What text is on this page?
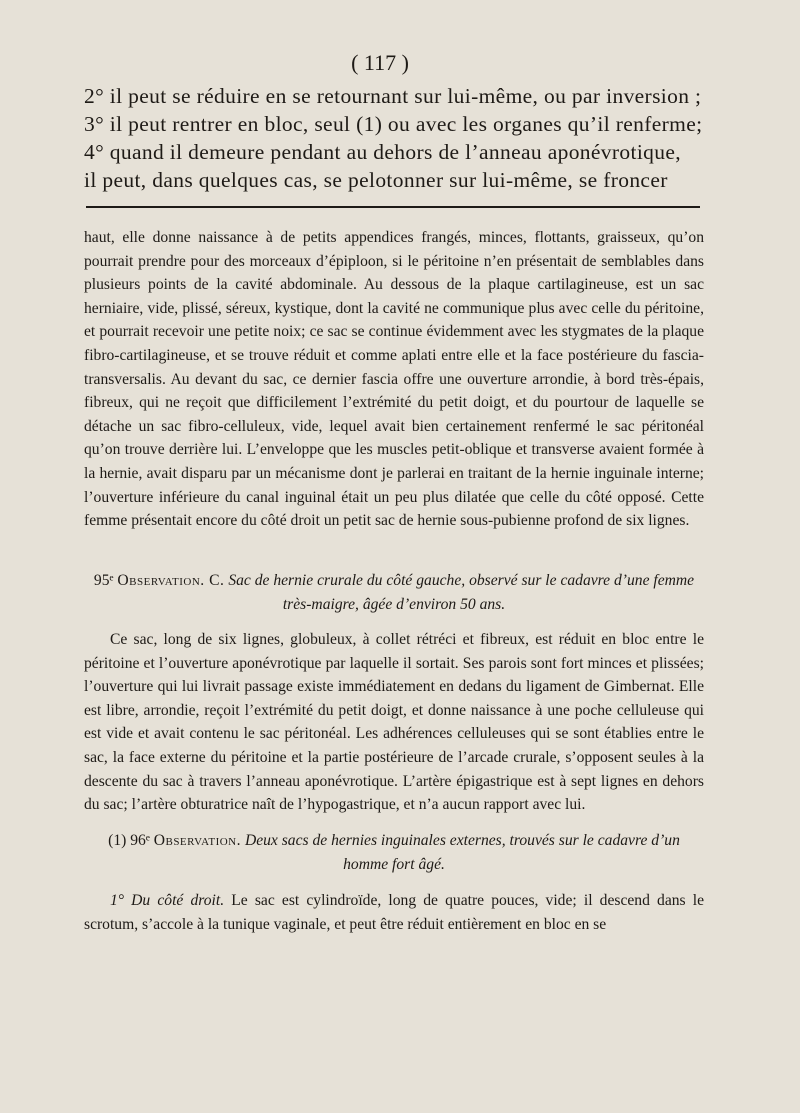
( 117 )

2° il peut se réduire en se retournant sur lui-même, ou par inversion ;

3° il peut rentrer en bloc, seul (1) ou avec les organes qu’il renferme;

4° quand il demeure pendant au dehors de l’anneau aponévrotique,

il peut, dans quelques cas, se pelotonner sur lui-même, se froncer

haut, elle donne naissance à de petits appendices frangés, minces, flottants, graisseux, qu’on pourrait prendre pour des morceaux d’épiploon, si le péritoine n’en présentait de semblables dans plusieurs points de la cavité abdominale. Au dessous de la plaque cartilagineuse, est un sac herniaire, vide, plissé, séreux, kystique, dont la cavité ne communique plus avec celle du péritoine, et pourrait recevoir une petite noix; ce sac se continue évidemment avec les stygmates de la plaque fibro-cartilagineuse, et se trouve réduit et comme aplati entre elle et la face postérieure du fascia-transversalis. Au devant du sac, ce dernier fascia offre une ouverture arrondie, à bord très-épais, fibreux, qui ne reçoit que difficilement l’extrémité du petit doigt, et du pourtour de laquelle se détache un sac fibro-celluleux, vide, lequel avait bien certainement renfermé le sac péritonéal qu’on trouve derrière lui. L’enveloppe que les muscles petit-oblique et transverse avaient formée à la hernie, avait disparu par un mécanisme dont je parlerai en traitant de la hernie inguinale interne; l’ouverture inférieure du canal inguinal était un peu plus dilatée que celle du côté opposé. Cette femme présentait encore du côté droit un petit sac de hernie sous-pubienne profond de six lignes.

95ᵉ Observation. C. Sac de hernie crurale du côté gauche, observé sur le cadavre d’une femme très-maigre, âgée d’environ 50 ans.

Ce sac, long de six lignes, globuleux, à collet rétréci et fibreux, est réduit en bloc entre le péritoine et l’ouverture aponévrotique par laquelle il sortait. Ses parois sont fort minces et plissées; l’ouverture qui lui livrait passage existe immédiatement en dedans du ligament de Gimbernat. Elle est libre, arrondie, reçoit l’extrémité du petit doigt, et donne naissance à une poche celluleuse qui est vide et avait contenu le sac péritonéal. Les adhérences celluleuses qui se sont établies entre le sac, la face externe du péritoine et la partie postérieure de l’arcade crurale, s’opposent seules à la descente du sac à travers l’anneau aponévrotique. L’artère épigastrique est à sept lignes en dehors du sac; l’artère obturatrice naît de l’hypogastrique, et n’a aucun rapport avec lui.

(1) 96ᵉ Observation. Deux sacs de hernies inguinales externes, trouvés sur le cadavre d’un homme fort âgé.

1° Du côté droit. Le sac est cylindroïde, long de quatre pouces, vide; il descend dans le scrotum, s’accole à la tunique vaginale, et peut être réduit entièrement en bloc en se
